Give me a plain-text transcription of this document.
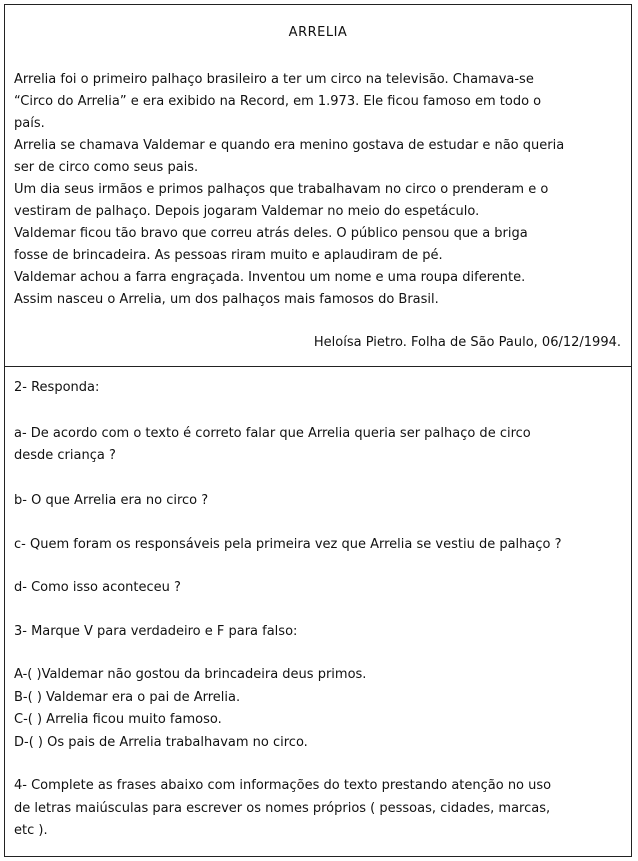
ARRELIA
Arrelia foi o primeiro palhaço brasileiro a ter um circo na televisão. Chamava-se
“Circo do Arrelia” e era exibido na Record, em 1.973. Ele ficou famoso em todo o
país.
Arrelia se chamava Valdemar e quando era menino gostava de estudar e não queria
ser de circo como seus pais.
Um dia seus irmãos e primos palhaços que trabalhavam no circo o prenderam e o
vestiram de palhaço. Depois jogaram Valdemar no meio do espetáculo.
Valdemar ficou tão bravo que correu atrás deles. O público pensou que a briga
fosse de brincadeira. As pessoas riram muito e aplaudiram de pé.
Valdemar achou a farra engraçada. Inventou um nome e uma roupa diferente.
Assim nasceu o Arrelia, um dos palhaços mais famosos do Brasil.
Heloísa Pietro. Folha de São Paulo, 06/12/1994.
2- Responda:
a- De acordo com o texto é correto falar que Arrelia queria ser palhaço de circo
desde criança ?
b- O que Arrelia era no circo ?
c- Quem foram os responsáveis pela primeira vez que Arrelia se vestiu de palhaço ?
d- Como isso aconteceu ?
3- Marque V para verdadeiro e F para falso:
A-( )Valdemar não gostou da brincadeira deus primos.
B-( ) Valdemar era o pai de Arrelia.
C-( ) Arrelia ficou muito famoso.
D-( ) Os pais de Arrelia trabalhavam no circo.
4- Complete as frases abaixo com informações do texto prestando atenção no uso
de letras maiúsculas para escrever os nomes próprios ( pessoas, cidades, marcas,
etc ).
